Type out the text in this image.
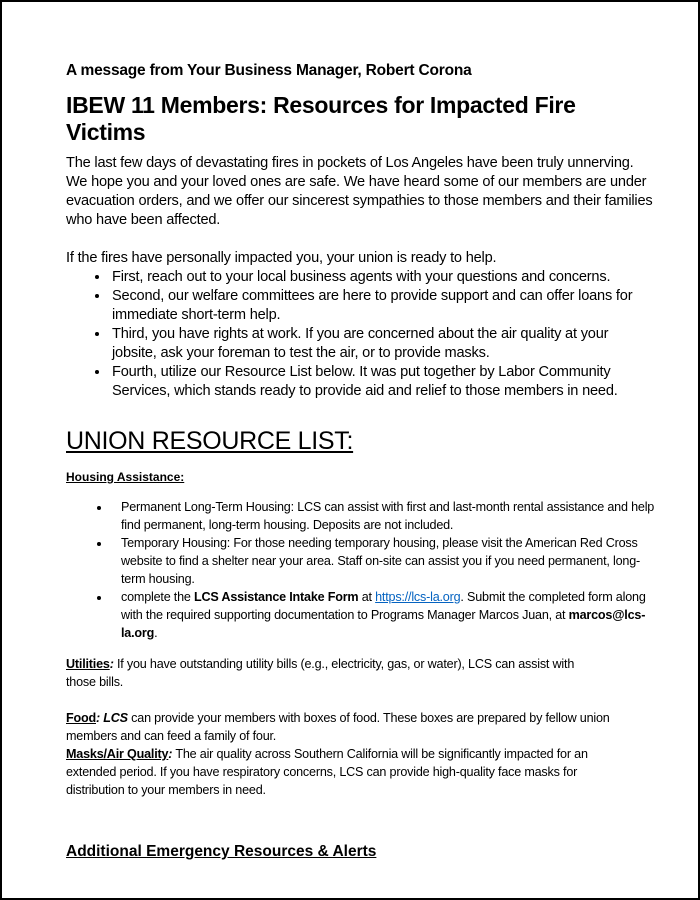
A message from Your Business Manager, Robert Corona

IBEW 11 Members: Resources for Impacted Fire Victims

The last few days of devastating fires in pockets of Los Angeles have been truly unnerving. We hope you and your loved ones are safe. We have heard some of our members are under evacuation orders, and we offer our sincerest sympathies to those members and their families who have been affected.

If the fires have personally impacted you, your union is ready to help.

• First, reach out to your local business agents with your questions and concerns.
• Second, our welfare committees are here to provide support and can offer loans for immediate short-term help.
• Third, you have rights at work. If you are concerned about the air quality at your jobsite, ask your foreman to test the air, or to provide masks.
• Fourth, utilize our Resource List below. It was put together by Labor Community Services, which stands ready to provide aid and relief to those members in need.
UNION RESOURCE LIST:
Housing Assistance:
• Permanent Long-Term Housing: LCS can assist with first and last-month rental assistance and help find permanent, long-term housing. Deposits are not included.
• Temporary Housing: For those needing temporary housing, please visit the American Red Cross website to find a shelter near your area. Staff on-site can assist you if you need permanent, long-term housing.
• complete the LCS Assistance Intake Form at https://lcs-la.org. Submit the completed form along with the required supporting documentation to Programs Manager Marcos Juan, at marcos@lcs-la.org.

Utilities: If you have outstanding utility bills (e.g., electricity, gas, or water), LCS can assist with those bills.

Food: LCS can provide your members with boxes of food. These boxes are prepared by fellow union members and can feed a family of four.

Masks/Air Quality: The air quality across Southern California will be significantly impacted for an extended period. If you have respiratory concerns, LCS can provide high-quality face masks for distribution to your members in need.

Additional Emergency Resources & Alerts
